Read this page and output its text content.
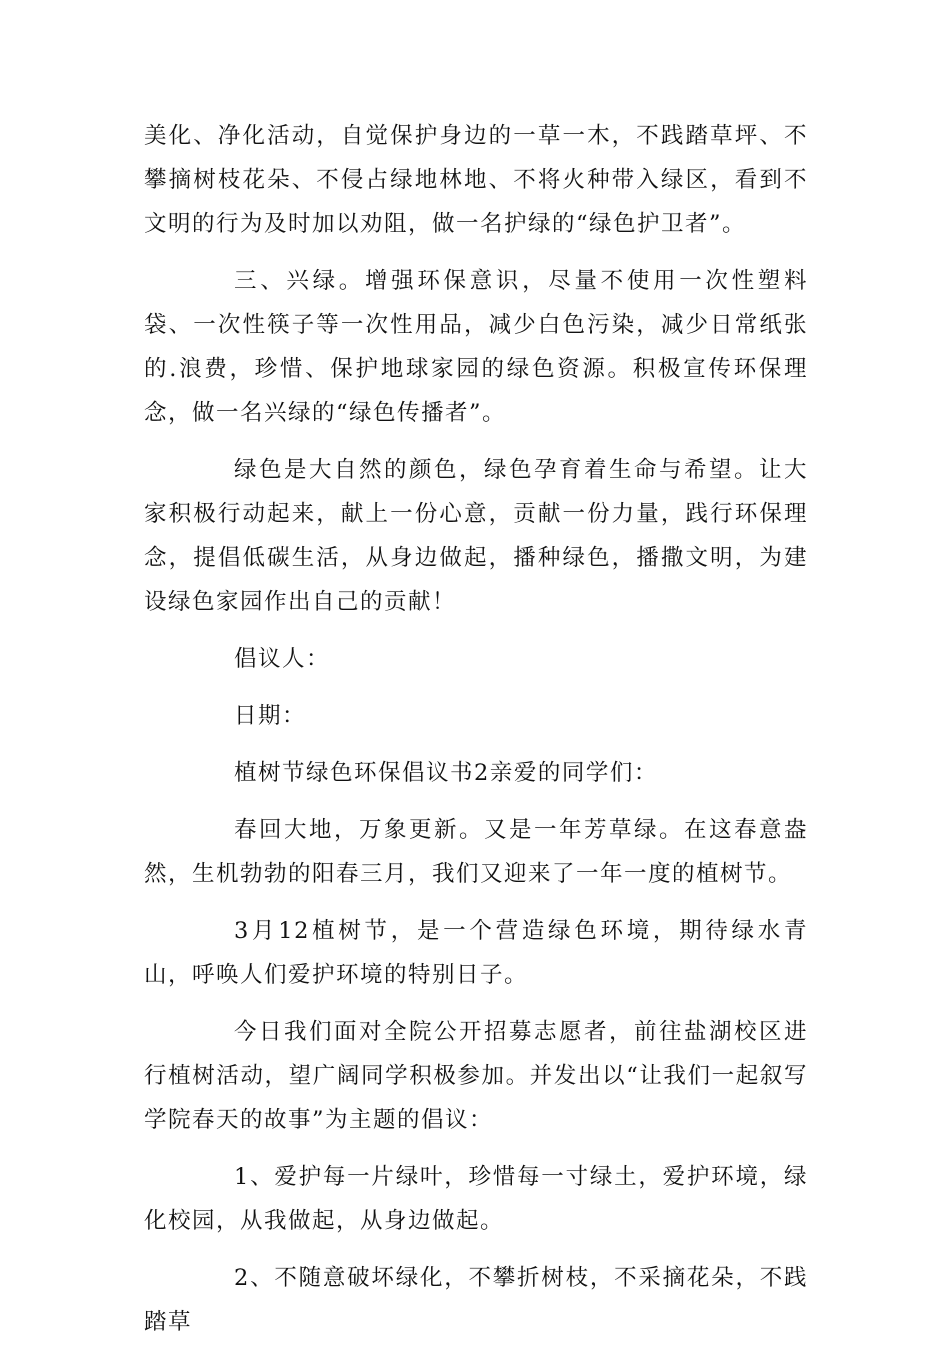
美化、净化活动，自觉保护身边的一草一木，不践踏草坪、不攀摘树枝花朵、不侵占绿地林地、不将火种带入绿区，看到不文明的行为及时加以劝阻，做一名护绿的“绿色护卫者”。

三、兴绿。增强环保意识，尽量不使用一次性塑料袋、一次性筷子等一次性用品，减少白色污染，减少日常纸张的.浪费，珍惜、保护地球家园的绿色资源。积极宣传环保理念，做一名兴绿的“绿色传播者”。

绿色是大自然的颜色，绿色孕育着生命与希望。让大家积极行动起来，献上一份心意，贡献一份力量，践行环保理念，提倡低碳生活，从身边做起，播种绿色，播撒文明，为建设绿色家园作出自己的贡献！

倡议人：

日期：

植树节绿色环保倡议书2亲爱的同学们：

春回大地，万象更新。又是一年芳草绿。在这春意盎然，生机勃勃的阳春三月，我们又迎来了一年一度的植树节。

3月12植树节，是一个营造绿色环境，期待绿水青山，呼唤人们爱护环境的特别日子。

今日我们面对全院公开招募志愿者，前往盐湖校区进行植树活动，望广阔同学积极参加。并发出以“让我们一起叙写学院春天的故事”为主题的倡议：

1、爱护每一片绿叶，珍惜每一寸绿土，爱护环境，绿化校园，从我做起，从身边做起。

2、不随意破坏绿化，不攀折树枝，不采摘花朵，不践踏草
